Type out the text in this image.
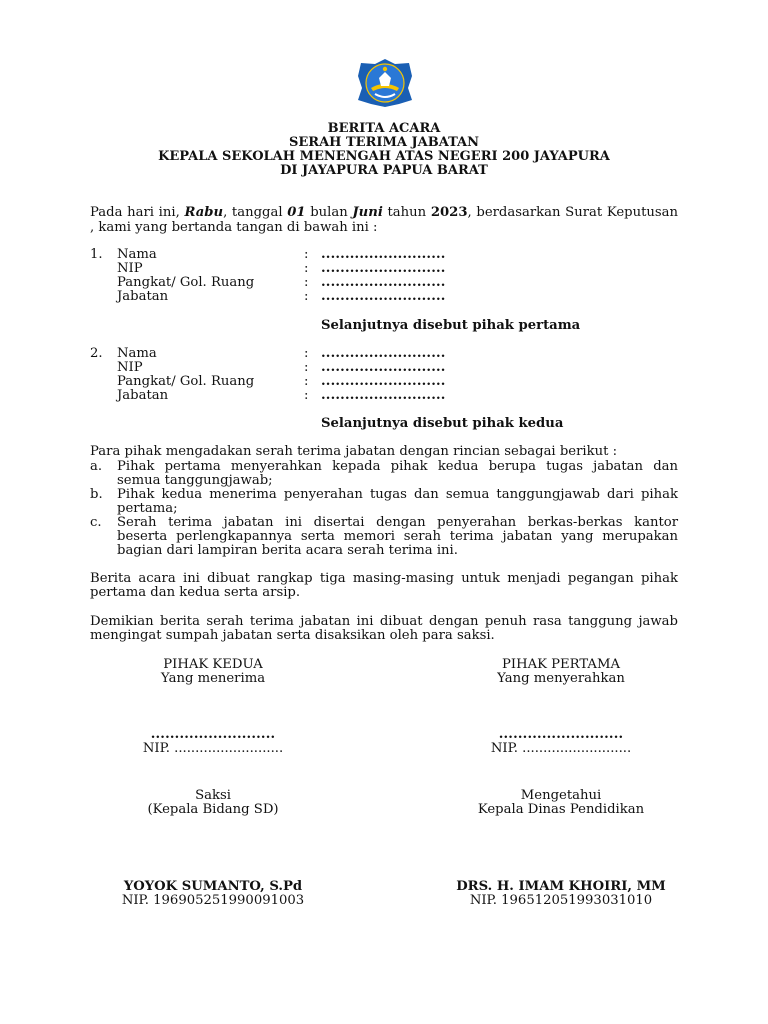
BERITA ACARA
SERAH TERIMA JABATAN
KEPALA SEKOLAH MENENGAH ATAS NEGERI 200 JAYAPURA
DI JAYAPURA PAPUA BARAT
Pada hari ini, Rabu, tanggal 01 bulan Juni tahun 2023, berdasarkan Surat Keputusan , kami yang bertanda tangan di bawah ini :
1. Nama
NIP
Pangkat/ Gol. Ruang
Jabatan
:
:
:
:
..........................
..........................
..........................
..........................
Selanjutnya disebut pihak pertama
2. Nama
NIP
Pangkat/ Gol. Ruang
Jabatan
:
:
:
:
..........................
..........................
..........................
..........................
Selanjutnya disebut pihak kedua
Para pihak mengadakan serah terima jabatan dengan rincian sebagai berikut :
a. Pihak pertama menyerahkan kepada pihak kedua berupa tugas jabatan dan
semua tanggungjawab;
b. Pihak kedua menerima penyerahan tugas dan semua tanggungjawab dari pihak
pertama;
c. Serah terima jabatan ini disertai dengan penyerahan berkas-berkas kantor
beserta perlengkapannya serta memori serah terima jabatan yang merupakan
bagian dari lampiran berita acara serah terima ini.
Berita acara ini dibuat rangkap tiga masing-masing untuk menjadi pegangan pihak
pertama dan kedua serta arsip.
Demikian berita serah terima jabatan ini dibuat dengan penuh rasa tanggung jawab
mengingat sumpah jabatan serta disaksikan oleh para saksi.
PIHAK KEDUA
Yang menerima
..........................
NIP. ..........................
PIHAK PERTAMA
Yang menyerahkan
..........................
NIP. ..........................
Saksi
(Kepala Bidang SD)
YOYOK SUMANTO, S.Pd
NIP. 196905251990091003
Mengetahui
Kepala Dinas Pendidikan
DRS. H. IMAM KHOIRI, MM
NIP. 196512051993031010
